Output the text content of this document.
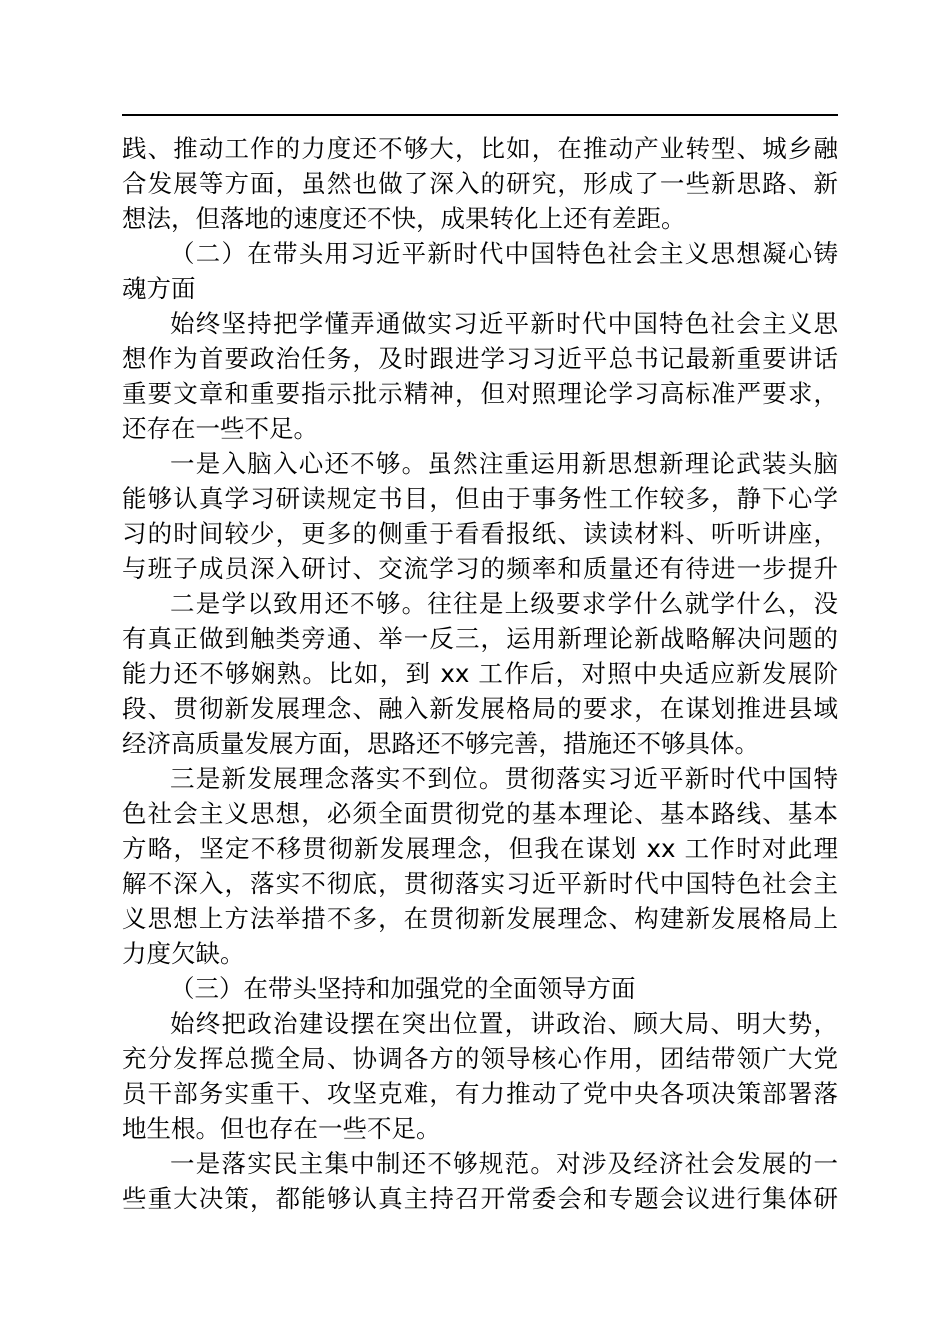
践、推动工作的力度还不够大，比如，在推动产业转型、城乡融
合发展等方面，虽然也做了深入的研究，形成了一些新思路、新
想法，但落地的速度还不快，成果转化上还有差距。
（二）在带头用习近平新时代中国特色社会主义思想凝心铸
魂方面
始终坚持把学懂弄通做实习近平新时代中国特色社会主义思
想作为首要政治任务，及时跟进学习习近平总书记最新重要讲话
重要文章和重要指示批示精神，但对照理论学习高标准严要求，
还存在一些不足。
一是入脑入心还不够。虽然注重运用新思想新理论武装头脑
能够认真学习研读规定书目，但由于事务性工作较多，静下心学
习的时间较少，更多的侧重于看看报纸、读读材料、听听讲座，
与班子成员深入研讨、交流学习的频率和质量还有待进一步提升
二是学以致用还不够。往往是上级要求学什么就学什么，没
有真正做到触类旁通、举一反三，运用新理论新战略解决问题的
能力还不够娴熟。比如，到 xx 工作后，对照中央适应新发展阶
段、贯彻新发展理念、融入新发展格局的要求，在谋划推进县域
经济高质量发展方面，思路还不够完善，措施还不够具体。
三是新发展理念落实不到位。贯彻落实习近平新时代中国特
色社会主义思想，必须全面贯彻党的基本理论、基本路线、基本
方略，坚定不移贯彻新发展理念，但我在谋划 xx 工作时对此理
解不深入，落实不彻底，贯彻落实习近平新时代中国特色社会主
义思想上方法举措不多，在贯彻新发展理念、构建新发展格局上
力度欠缺。
（三）在带头坚持和加强党的全面领导方面
始终把政治建设摆在突出位置，讲政治、顾大局、明大势，
充分发挥总揽全局、协调各方的领导核心作用，团结带领广大党
员干部务实重干、攻坚克难，有力推动了党中央各项决策部署落
地生根。但也存在一些不足。
一是落实民主集中制还不够规范。对涉及经济社会发展的一
些重大决策，都能够认真主持召开常委会和专题会议进行集体研
